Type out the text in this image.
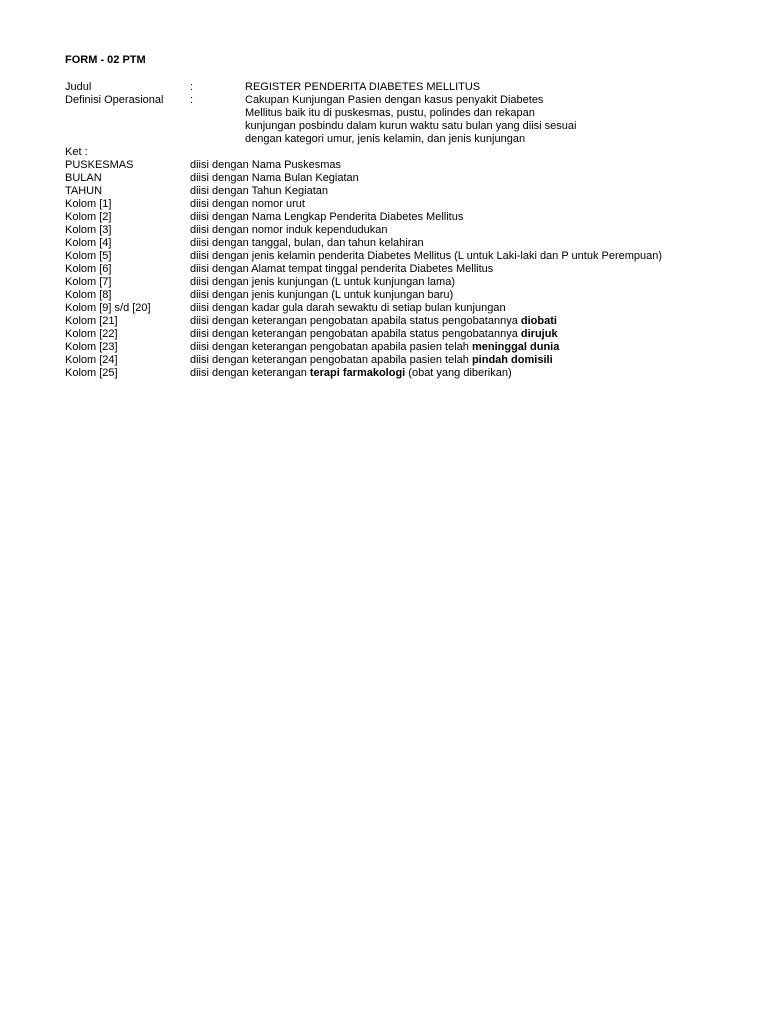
FORM - 02 PTM
Judul	:	REGISTER PENDERITA DIABETES MELLITUS
Definisi Operasional :	Cakupan Kunjungan Pasien dengan kasus penyakit Diabetes
Mellitus baik itu di puskesmas, pustu, polindes dan rekapan
kunjungan posbindu dalam kurun waktu satu bulan yang diisi sesuai
dengan kategori umur, jenis kelamin, dan jenis kunjungan
Ket :
PUSKESMAS	diisi dengan Nama Puskesmas
BULAN	diisi dengan Nama Bulan Kegiatan
TAHUN	diisi dengan Tahun Kegiatan
Kolom [1]	diisi dengan nomor urut
Kolom [2]	diisi dengan Nama Lengkap Penderita Diabetes Mellitus
Kolom [3]	diisi dengan nomor induk kependudukan
Kolom [4]	diisi dengan tanggal, bulan, dan tahun kelahiran
Kolom [5]	diisi dengan jenis kelamin penderita Diabetes Mellitus (L untuk Laki-laki dan P untuk Perempuan)
Kolom [6]	diisi dengan Alamat tempat tinggal penderita Diabetes Mellitus
Kolom [7]	diisi dengan jenis kunjungan (L untuk kunjungan lama)
Kolom [8]	diisi dengan jenis kunjungan (L untuk kunjungan baru)
Kolom [9] s/d [20]	diisi dengan kadar gula darah sewaktu di setiap bulan kunjungan
Kolom [21]	diisi dengan keterangan pengobatan apabila status pengobatannya diobati
Kolom [22]	diisi dengan keterangan pengobatan apabila status pengobatannya dirujuk
Kolom [23]	diisi dengan keterangan pengobatan apabila pasien telah meninggal dunia
Kolom [24]	diisi dengan keterangan pengobatan apabila pasien telah pindah domisili
Kolom [25]	diisi dengan keterangan terapi farmakologi (obat yang diberikan)
